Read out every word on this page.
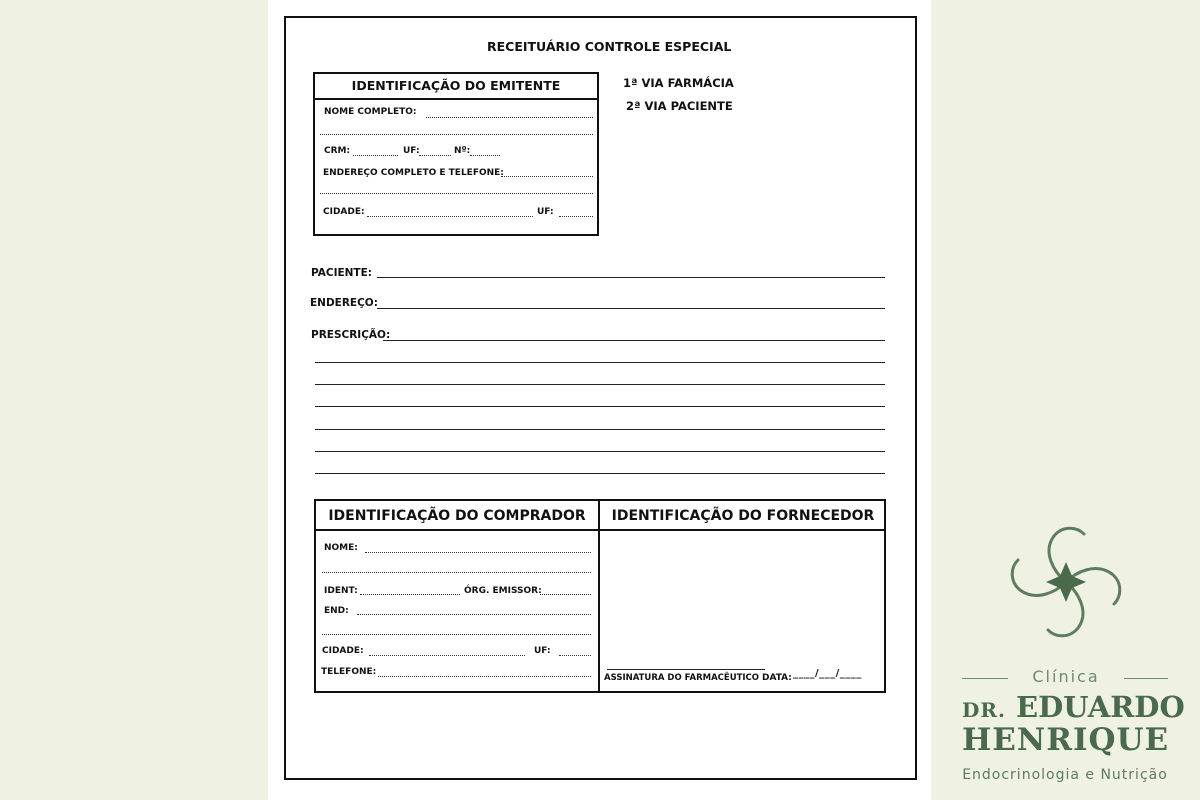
RECEITUÁRIO CONTROLE ESPECIAL
1ª VIA FARMÁCIA
2ª VIA PACIENTE
IDENTIFICAÇÃO DO EMITENTE
NOME COMPLETO:
CRM:	UF:	Nº:
ENDEREÇO COMPLETO E TELEFONE:
CIDADE:	UF:
PACIENTE:
ENDEREÇO:
PRESCRIÇÃO:
IDENTIFICAÇÃO DO COMPRADOR	IDENTIFICAÇÃO DO FORNECEDOR
NOME:
IDENT:	ÓRG. EMISSOR:
END:
CIDADE:	UF:
TELEFONE:
ASSINATURA DO FARMACÊUTICO DATA: ____/___/____	Clínica
DR. EDUARDO
HENRIQUE
Endocrinologia e Nutrição
